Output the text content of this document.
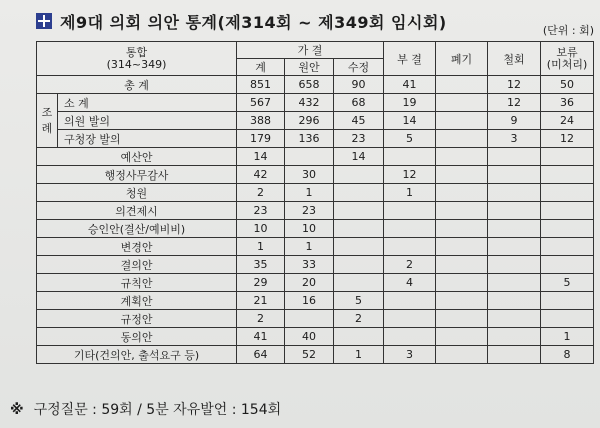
제9대 의회 의안 통계(제314회 ~ 제349회 임시회)	(단위 : 회)
통합
(314~349)		가 결			부 결	폐기	철회	보류
(미처리)
		계	원안	수정				
총 계		851	658	90	41		12	50
조 례	소 계	567	432	68	19		12	36
	의원 발의	388	296	45	14		9	24
	구청장 발의	179	136	23	5		3	12
예산안		14		14				
행정사무감사		42	30		12			
청원		2	1		1			
의견제시		23	23					
승인안(결산/예비비)		10	10					
변경안		1	1					
결의안		35	33		2			
규칙안		29	20		4			5
계획안		21	16	5				
규정안		2		2				
동의안		41	40					1
기타(건의안, 출석요구 등)		64	52	1	3			8
※ 구정질문 : 59회 / 5분 자유발언 : 154회
